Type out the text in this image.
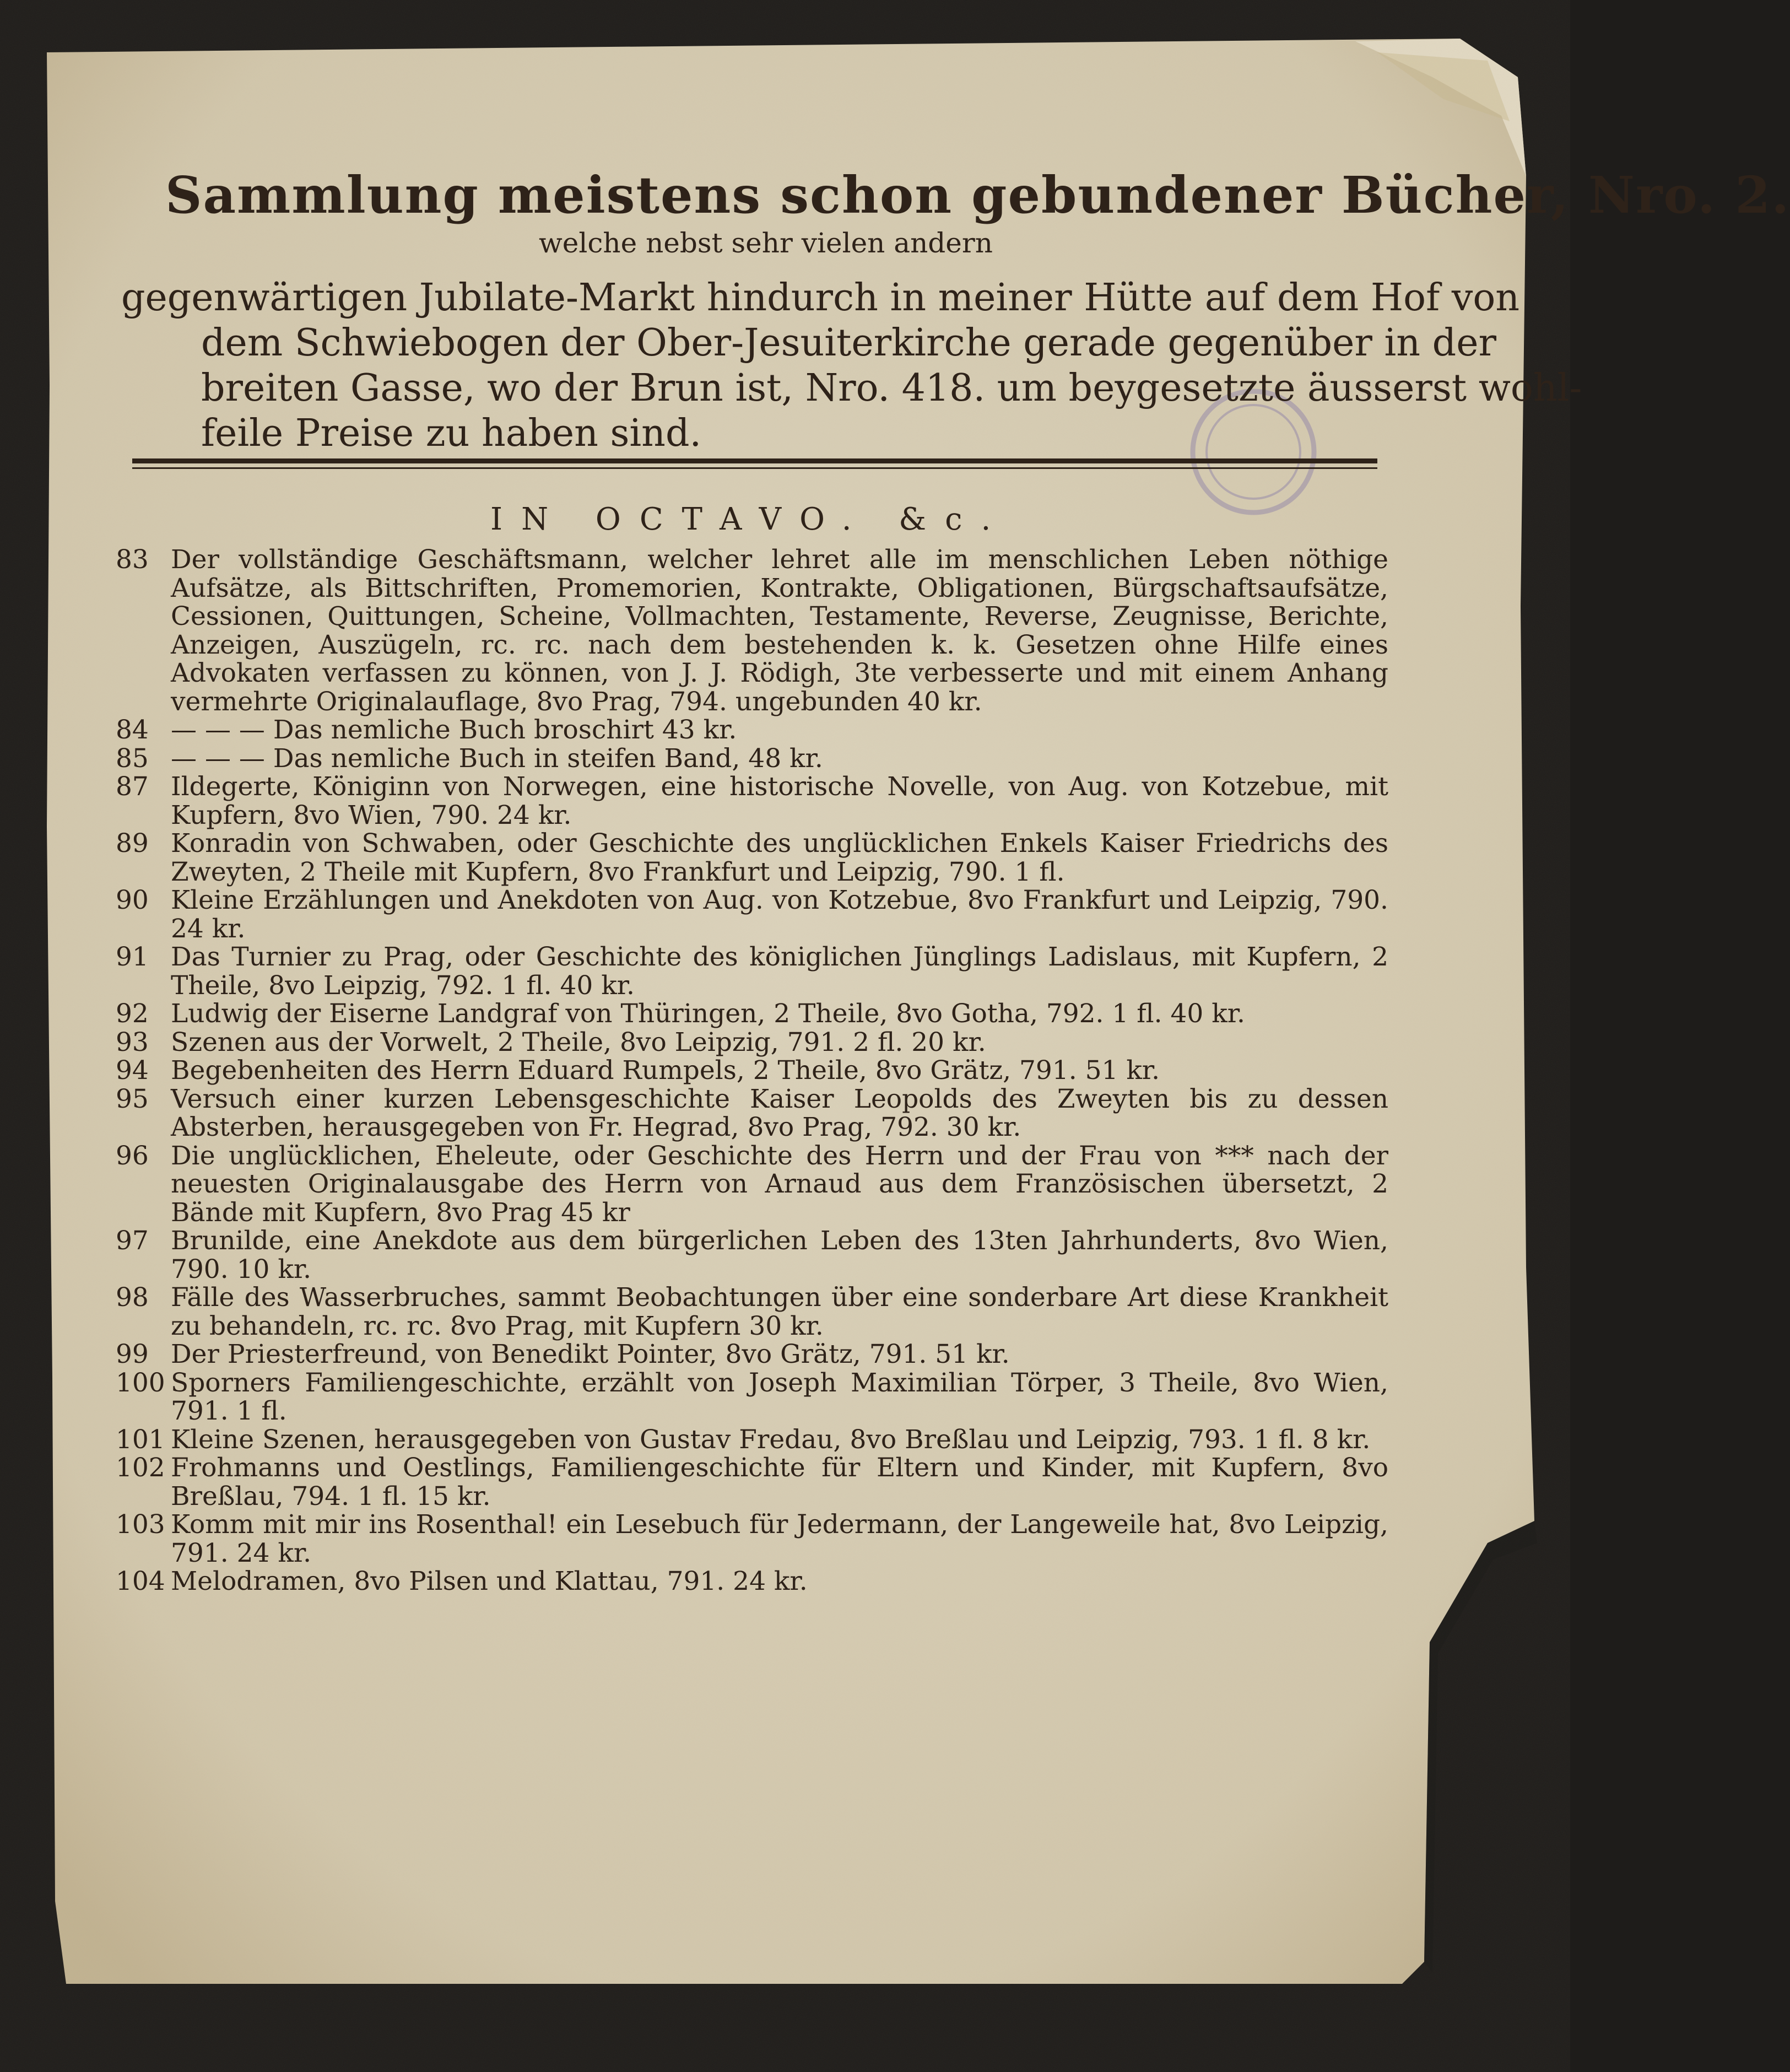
Sammlung meistens schon gebundener Bücher, Nro. 2.
welche nebst sehr vielen andern
gegenwärtigen Jubilate-Markt hindurch in meiner Hütte auf dem Hof von
dem Schwiebogen der Ober-Jesuiterkirche gerade gegenüber in der
breiten Gasse, wo der Brun ist, Nro. 418. um beygesetzte äusserst wohl-
feile Preise zu haben sind.
IN OCTAVO. &c.
83 Der vollständige Geschäftsmann, welcher lehret alle im menschlichen Leben nöthige Aufsätze, als Bittschriften, Promemorien, Kontrakte, Obligationen, Bürgschaftsaufsätze, Cessionen, Quittungen, Scheine, Vollmachten, Testamente, Reverse, Zeugnisse, Berichte, Anzeigen, Auszügeln, rc. rc. nach dem bestehenden k. k. Gesetzen ohne Hilfe eines Advokaten verfassen zu können, von J. J. Rödigh, 3te verbesserte und mit einem Anhang vermehrte Originalauflage, 8vo Prag, 794. ungebunden 40 kr.
84 — — — Das nemliche Buch broschirt 43 kr.
85 — — — Das nemliche Buch in steifen Band, 48 kr.
87 Ildegerte, Königinn von Norwegen, eine historische Novelle, von Aug. von Kotzebue, mit Kupfern, 8vo Wien, 790. 24 kr.
89 Konradin von Schwaben, oder Geschichte des unglücklichen Enkels Kaiser Friedrichs des Zweyten, 2 Theile mit Kupfern, 8vo Frankfurt und Leipzig, 790. 1 fl.
90 Kleine Erzählungen und Anekdoten von Aug. von Kotzebue, 8vo Frankfurt und Leipzig, 790. 24 kr.
91 Das Turnier zu Prag, oder Geschichte des königlichen Jünglings Ladislaus, mit Kupfern, 2 Theile, 8vo Leipzig, 792. 1 fl. 40 kr.
92 Ludwig der Eiserne Landgraf von Thüringen, 2 Theile, 8vo Gotha, 792. 1 fl. 40 kr.
93 Szenen aus der Vorwelt, 2 Theile, 8vo Leipzig, 791. 2 fl. 20 kr.
94 Begebenheiten des Herrn Eduard Rumpels, 2 Theile, 8vo Grätz, 791. 51 kr.
95 Versuch einer kurzen Lebensgeschichte Kaiser Leopolds des Zweyten bis zu dessen Absterben, herausgegeben von Fr. Hegrad, 8vo Prag, 792. 30 kr.
96 Die unglücklichen, Eheleute, oder Geschichte des Herrn und der Frau von *** nach der neuesten Originalausgabe des Herrn von Arnaud aus dem Französischen übersetzt, 2 Bände mit Kupfern, 8vo Prag 45 kr
97 Brunilde, eine Anekdote aus dem bürgerlichen Leben des 13ten Jahrhunderts, 8vo Wien, 790. 10 kr.
98 Fälle des Wasserbruches, sammt Beobachtungen über eine sonderbare Art diese Krankheit zu behandeln, rc. rc. 8vo Prag, mit Kupfern 30 kr.
99 Der Priesterfreund, von Benedikt Pointer, 8vo Grätz, 791. 51 kr.
100 Sporners Familiengeschichte, erzählt von Joseph Maximilian Törper, 3 Theile, 8vo Wien, 791. 1 fl.
101 Kleine Szenen, herausgegeben von Gustav Fredau, 8vo Breßlau und Leipzig, 793. 1 fl. 8 kr.
102 Frohmanns und Oestlings, Familiengeschichte für Eltern und Kinder, mit Kupfern, 8vo Breßlau, 794. 1 fl. 15 kr.
103 Komm mit mir ins Rosenthal! ein Lesebuch für Jedermann, der Langeweile hat, 8vo Leipzig, 791. 24 kr.
104 Melodramen, 8vo Pilsen und Klattau, 791. 24 kr.
